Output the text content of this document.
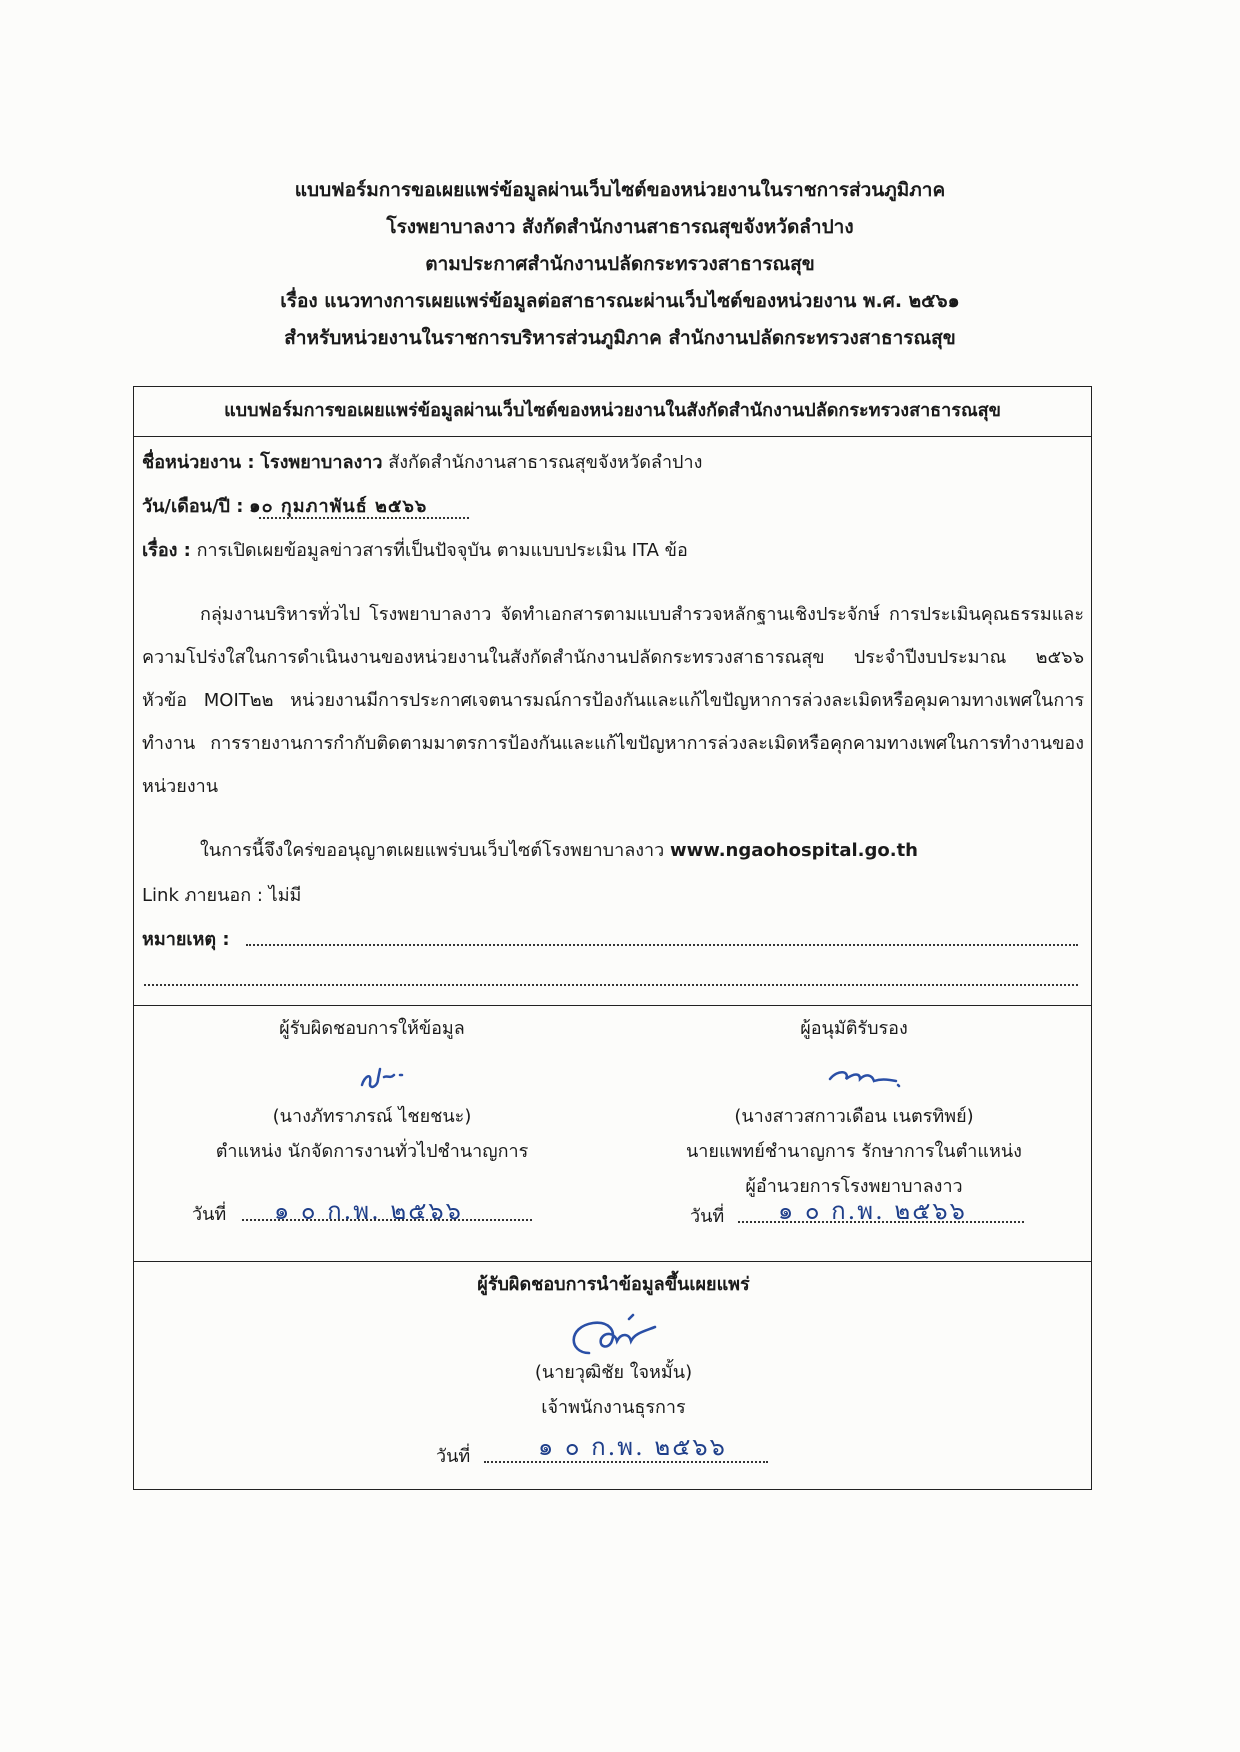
แบบฟอร์มการขอเผยแพร่ข้อมูลผ่านเว็บไซต์ของหน่วยงานในราชการส่วนภูมิภาค
โรงพยาบาลงาว สังกัดสำนักงานสาธารณสุขจังหวัดลำปาง
ตามประกาศสำนักงานปลัดกระทรวงสาธารณสุข
เรื่อง แนวทางการเผยแพร่ข้อมูลต่อสาธารณะผ่านเว็บไซต์ของหน่วยงาน พ.ศ. ๒๕๖๑
สำหรับหน่วยงานในราชการบริหารส่วนภูมิภาค สำนักงานปลัดกระทรวงสาธารณสุข
แบบฟอร์มการขอเผยแพร่ข้อมูลผ่านเว็บไซต์ของหน่วยงานในสังกัดสำนักงานปลัดกระทรวงสาธารณสุข
ชื่อหน่วยงาน : โรงพยาบาลงาว สังกัดสำนักงานสาธารณสุขจังหวัดลำปาง
วัน/เดือน/ปี : ๑๐ กุมภาพันธ์ ๒๕๖๖
เรื่อง : การเปิดเผยข้อมูลข่าวสารที่เป็นปัจจุบัน ตามแบบประเมิน ITA ข้อ
กลุ่มงานบริหารทั่วไป โรงพยาบาลงาว จัดทำเอกสารตามแบบสำรวจหลักฐานเชิงประจักษ์ การประเมินคุณธรรมและความโปร่งใสในการดำเนินงานของหน่วยงานในสังกัดสำนักงานปลัดกระทรวงสาธารณสุข ประจำปีงบประมาณ ๒๕๖๖ หัวข้อ MOIT๒๒ หน่วยงานมีการประกาศเจตนารมณ์การป้องกันและแก้ไขปัญหาการล่วงละเมิดหรือคุมคามทางเพศในการทำงาน การรายงานการกำกับติดตามมาตรการป้องกันและแก้ไขปัญหาการล่วงละเมิดหรือคุกคามทางเพศในการทำงานของหน่วยงาน
ในการนี้จึงใคร่ขออนุญาตเผยแพร่บนเว็บไซต์โรงพยาบาลงาว www.ngaohospital.go.th
Link ภายนอก : ไม่มี
หมายเหตุ :
ผู้รับผิดชอบการให้ข้อมูล
(นางภัทราภรณ์ ไชยชนะ)
ตำแหน่ง นักจัดการงานทั่วไปชำนาญการ
วันที่ ๑ ๐ ก.พ. ๒๕๖๖
ผู้อนุมัติรับรอง
(นางสาวสกาวเดือน เนตรทิพย์)
นายแพทย์ชำนาญการ รักษาการในตำแหน่ง
ผู้อำนวยการโรงพยาบาลงาว
วันที่ ๑ ๐ ก.พ. ๒๕๖๖
ผู้รับผิดชอบการนำข้อมูลขึ้นเผยแพร่
(นายวุฒิชัย ใจหมั้น)
เจ้าพนักงานธุรการ
วันที่	๑ ๐ ก.พ. ๒๕๖๖
